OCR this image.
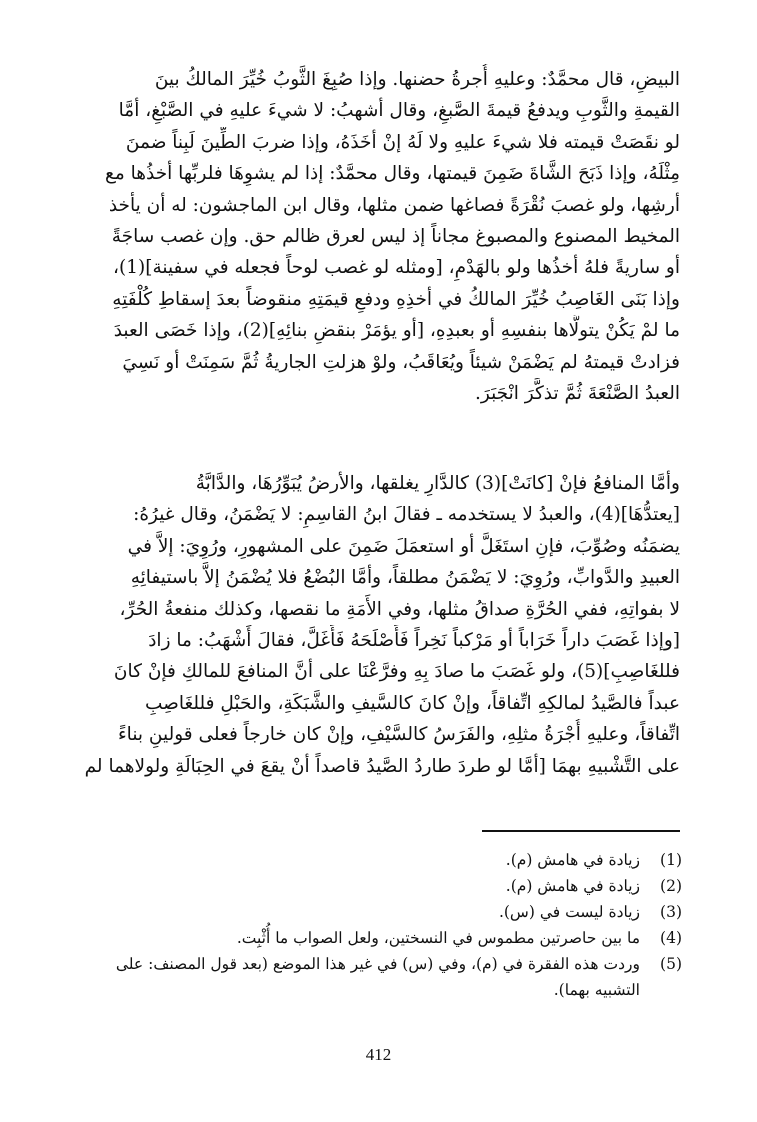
البيضِ، قال محمَّدٌ: وعليهِ أُجرةُ حضنها. وإذا صُبِغَ الثَّوبُ خُيِّرَ المالكُ بينَ
القيمةِ والثَّوبِ ويدفعُ قيمةَ الصَّبغِ، وقال أشهبُ: لا شيءَ عليهِ في الصَّبْغِ، أمَّا
لو نقَصَتْ قيمته فلا شيءَ عليهِ ولا لَهُ إنْ أخَذَهُ، وإذا ضربَ الطِّينَ لَبِناً ضمنَ
مِثْلَهُ، وإذا ذَبَحَ الشَّاةَ ضَمِنَ قيمتها، وقال محمَّدٌ: إذا لم يشوِهَا فلربِّها أخذُها مع
أرشِها، ولو غصبَ نُقْرَةً فصاغها ضمن مثلها، وقال ابن الماجشون: له أن يأخذ
المخيط المصنوع والمصبوغ مجاناً إذ ليس لعرق ظالم حق. وإن غصب ساجَةً
أو ساريةً فلهُ أخذُها ولو بالهَدْمِ، [ومثله لو غصب لوحاً فجعله في سفينة](1)،
وإذا بَنَى الغَاصِبُ خُيِّرَ المالكُ في أخذِهِ ودفعِ قيمَتِهِ منقوضاً بعدَ إسقاطِ كُلْفَتِهِ
ما لمْ يَكُنْ يتولَّاها بنفسِهِ أو بعبدِهِ، [أو يؤمَرْ بنقضِ بنائِهِ](2)، وإذا خَصَى العبدَ
فزادتْ قيمتهُ لم يَضْمَنْ شيئاً ويُعَاقَبُ، ولوْ هزلتِ الجاريةُ ثُمَّ سَمِنَتْ أو نَسِيَ
العبدُ الصَّنْعَةَ ثُمَّ تذكَّرَ انْجَبَرَ.

وأمَّا المنافعُ فإنْ [كانَتْ](3) كالدَّارِ يغلقها، والأرضُ يُبَوِّرُهَا، والدَّابَّةُ
[يعتدُّهَا](4)، والعبدُ لا يستخدمه ـ فقالَ ابنُ القاسِمِ: لا يَضْمَنُ، وقال غيرُهُ:
يضمَنُه وصُوِّبَ، فإنِ استَغَلَّ أو استعمَلَ ضَمِنَ على المشهورِ، ورُوِيَ: إلاَّ في
العبيدِ والدَّوابِّ، ورُوِيَ: لا يَضْمَنُ مطلقاً، وأمَّا البُضْعُ فلا يُضْمَنُ إلاَّ باستيفائِهِ
لا بفواتِهِ، ففي الحُرَّةِ صداقُ مثلها، وفي الأَمَةِ ما نقصها، وكذلك منفعةُ الحُرِّ،
[وإذا غَصَبَ داراً خَرَاباً أو مَرْكباً نَخِراً فَأَصْلَحَهُ فَأَغَلَّ، فقالَ أَشْهَبُ: ما زادَ
فللغَاصِبِ](5)، ولو غَصَبَ ما صادَ بِهِ وفرَّعْنَا على أنَّ المنافعَ للمالكِ فإنْ كانَ
عبداً فالصَّيدُ لمالكِهِ اتِّفاقاً، وإنْ كانَ كالسَّيفِ والشَّبَكَةِ، والحَبْلِ فللغَاصِبِ
اتِّفاقاً، وعليهِ أُجْرَةُ مثلِهِ، والفَرَسُ كالسَّيْفِ، وإنْ كان خارجاً فعلى قولينِ بناءً
على التَّشْبيهِ بهمَا [أمَّا لو طردَ طاردُ الصَّيدُ قاصداً أنْ يقعَ في الحِبَالَةِ ولولاهما لم

(1)
زيادة في هامش (م).
(2)
زيادة في هامش (م).
(3)
زيادة ليست في (س).
(4)
ما بين حاصرتين مطموس في النسختين، ولعل الصواب ما أُثْبِت.
(5)
وردت هذه الفقرة في (م)، وفي (س) في غير هذا الموضع (بعد قول المصنف: على التشبيه بهما).
412
